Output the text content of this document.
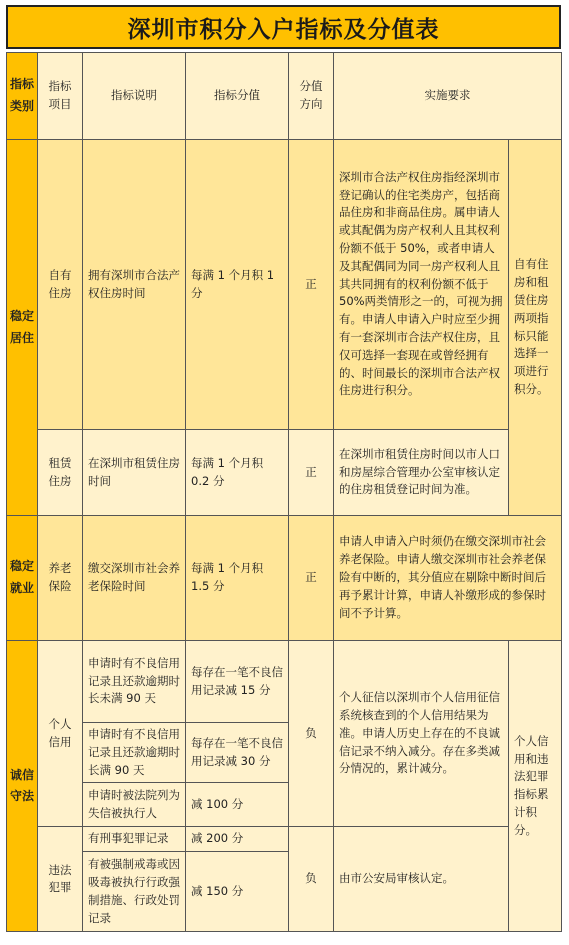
深圳市积分入户指标及分值表
指标类别	指标项目	指标说明	指标分值	分值方向	实施要求	
稳定居住	自有住房	拥有深圳市合法产权住房时间	每满 1 个月积 1 分	正	深圳市合法产权住房指经深圳市登记确认的住宅类房产，包括商品住房和非商品住房。属申请人或其配偶为房产权利人且其权利份额不低于 50%，或者申请人及其配偶同为同一房产权利人且其共同拥有的权利份额不低于 50%两类情形之一的，可视为拥有。申请人申请入户时应至少拥有一套深圳市合法产权住房，且仅可选择一套现在或曾经拥有的、时间最长的深圳市合法产权住房进行积分。	自有住房和租赁住房两项指标只能选择一项进行积分。
	租赁住房	在深圳市租赁住房时间	每满 1 个月积 0.2 分	正	在深圳市租赁住房时间以市人口和房屋综合管理办公室审核认定的住房租赁登记时间为准。	
稳定就业	养老保险	缴交深圳市社会养老保险时间	每满 1 个月积 1.5 分	正	申请人申请入户时须仍在缴交深圳市社会养老保险。申请人缴交深圳市社会养老保险有中断的，其分值应在剔除中断时间后再予累计计算，申请人补缴形成的参保时间不予计算。	
诚信守法	个人信用	申请时有不良信用记录且还款逾期时长未满 90 天	每存在一笔不良信用记录减 15 分	负	个人征信以深圳市个人信用征信系统核查到的个人信用结果为准。申请人历史上存在的不良诚信记录不纳入减分。存在多类减分情况的，累计减分。	个人信用和违法犯罪指标累计积分。
		申请时有不良信用记录且还款逾期时长满 90 天	每存在一笔不良信用记录减 30 分			
		申请时被法院列为失信被执行人	减 100 分			
	违法犯罪	有刑事犯罪记录	减 200 分	负	由市公安局审核认定。	
		有被强制戒毒或因吸毒被执行行政强制措施、行政处罚记录	减 150 分			
